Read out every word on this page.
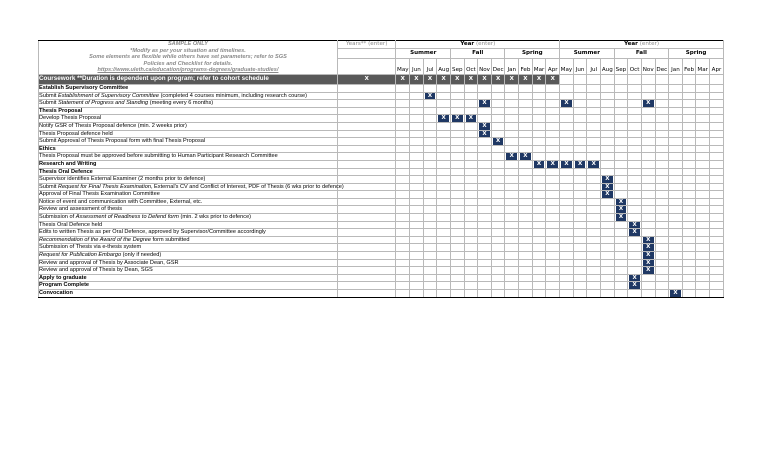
SAMPLE ONLY
*Modify as per your situation and timelines.
Some elements are flexible while others have set parameters; refer to SGS
Policies and Checklist for details.
https://www.uleth.ca/education/programs-degrees/graduate-studies/	Years** (enter)	Year (enter)												Year (enter)											
		Summer				Fall				Spring				Summer				Fall				Spring			
		May	Jun	Jul	Aug	Sep	Oct	Nov	Dec	Jan	Feb	Mar	Apr	May	Jun	Jul	Aug	Sep	Oct	Nov	Dec	Jan	Feb	Mar	Apr
Coursework **Duration is dependent upon program; refer to cohort schedule	X	X	X	X	X	X	X	X	X	X	X	X	X												

Establish Supervisory Committee																									
Submit Establishment of Supervisory Committee (completed 4 courses minimum, including research course)				X																					

Submit Statement of Progress and Standing (meeting every 6 months)								X						X						X					

Thesis Proposal																									
Develop Thesis Proposal					X	X	X																		

Notify GSR of Thesis Proposal defence (min. 2 weeks prior)								X																	

Thesis Proposal defence held								X																	

Submit Approval of Thesis Proposal form with final Thesis Proposal									X																

Ethics																									
Thesis Proposal must be approved before submitting to Human Participant Research Committee										X	X														

Research and Writing												X	X	X	X	X									

Thesis Oral Defence																									
Supervisor identifies External Examiner (2 months prior to defence)																	X								

Submit Request for Final Thesis Examination, External's CV and Conflict of Interest, PDF of Thesis (6 wks prior to defence)																	X								

Approval of Final Thesis Examination Committee																	X								

Notice of event and communication with Committee, External, etc.																		X							

Review and assessment of thesis																		X							

Submission of Assessment of Readiness to Defend form (min. 2 wks prior to defence)																		X							

Thesis Oral Defence held																			X						

Edits to written Thesis as per Oral Defence, approved by Supervisor/Committee accordingly																			X						

Recommendation of the Award of the Degree form submitted																				X					

Submission of Thesis via e-thesis system																				X					

Request for Publication Embargo (only if needed)																				X					

Review and approval of Thesis by Associate Dean, GSR																				X					

Review and approval of Thesis by Dean, SGS																				X					

Apply to graduate																			X						

Program Complete																			X						

Convocation																						X			
